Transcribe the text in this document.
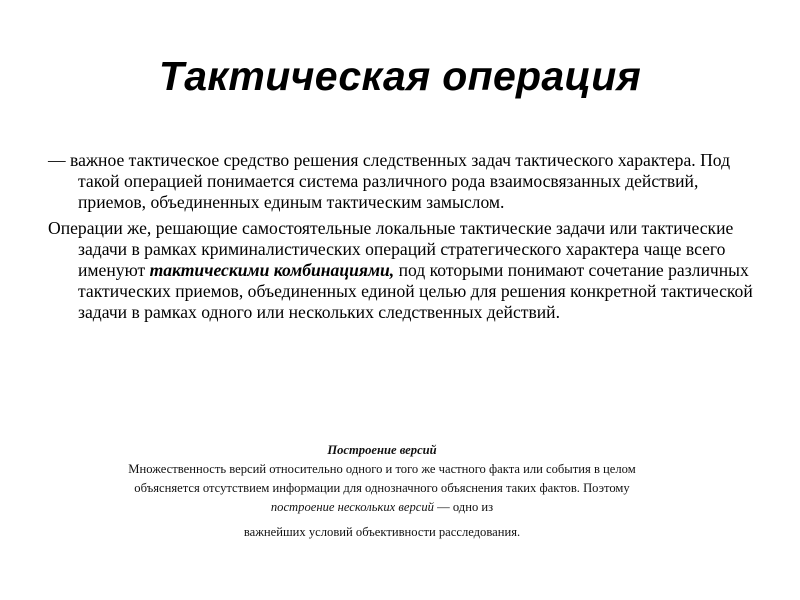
Тактическая операция

— важное тактическое средство решения следственных задач тактического характера. Под такой операцией понимается система различного рода взаимосвязанных действий, приемов, объединенных единым тактическим замыслом.

Операции же, решающие самостоятельные локальные тактические задачи или тактические задачи в рамках криминалистических операций стратегического характера чаще всего именуют тактическими комбинациями, под которыми понимают сочетание различных тактических приемов, объединенных единой целью для решения конкретной тактической задачи в рамках одного или нескольких следственных действий.

Построение версий
Множественность версий относительно одного и того же частного факта или события в целом объясняется отсутствием информации для однозначного объяснения таких фактов. Поэтому построение нескольких версий — одно из
важнейших условий объективности расследования.
